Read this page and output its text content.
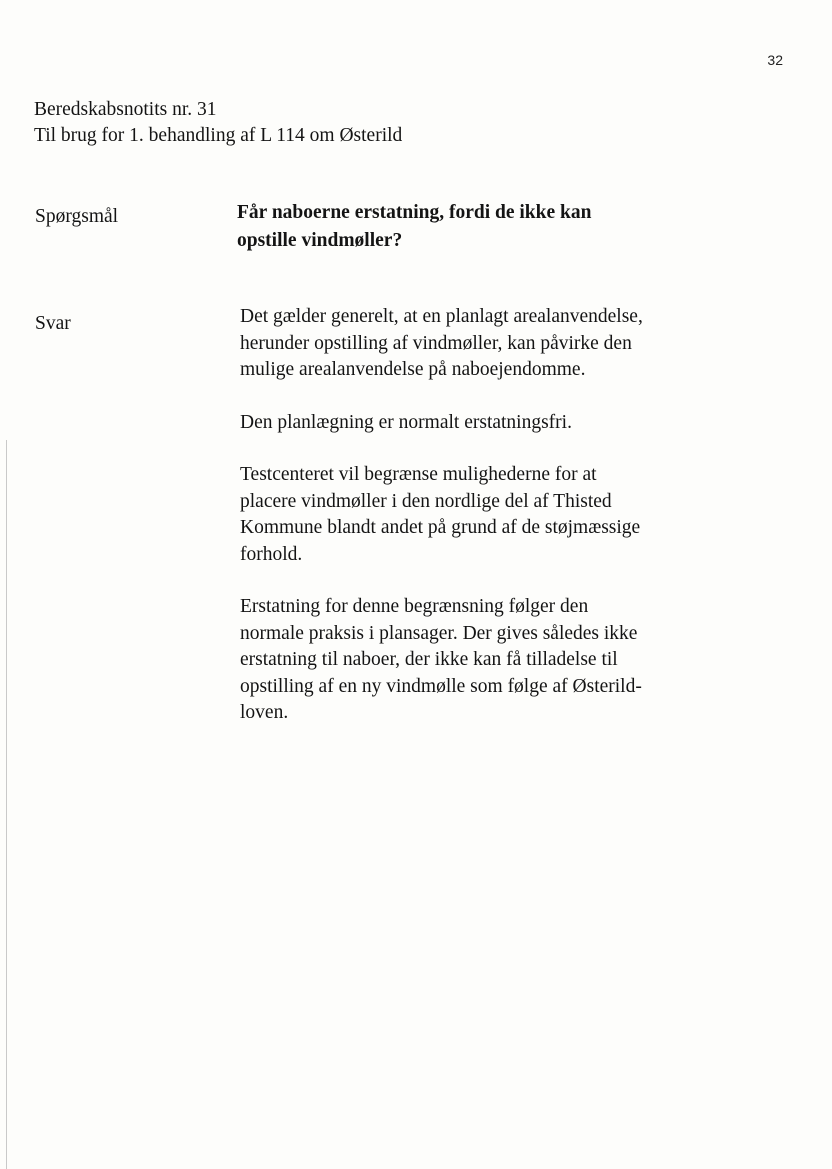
32
Beredskabsnotits nr. 31
Til brug for 1. behandling af L 114 om Østerild
Spørgsmål	Får naboerne erstatning, fordi de ikke kan
opstille vindmøller?
Svar	Det gælder generelt, at en planlagt arealanvendelse,
herunder opstilling af vindmøller, kan påvirke den
mulige arealanvendelse på naboejendomme.
Den planlægning er normalt erstatningsfri.
Testcenteret vil begrænse mulighederne for at
placere vindmøller i den nordlige del af Thisted
Kommune blandt andet på grund af de støjmæssige
forhold.
Erstatning for denne begrænsning følger den
normale praksis i plansager. Der gives således ikke
erstatning til naboer, der ikke kan få tilladelse til
opstilling af en ny vindmølle som følge af Østerild-
loven.
